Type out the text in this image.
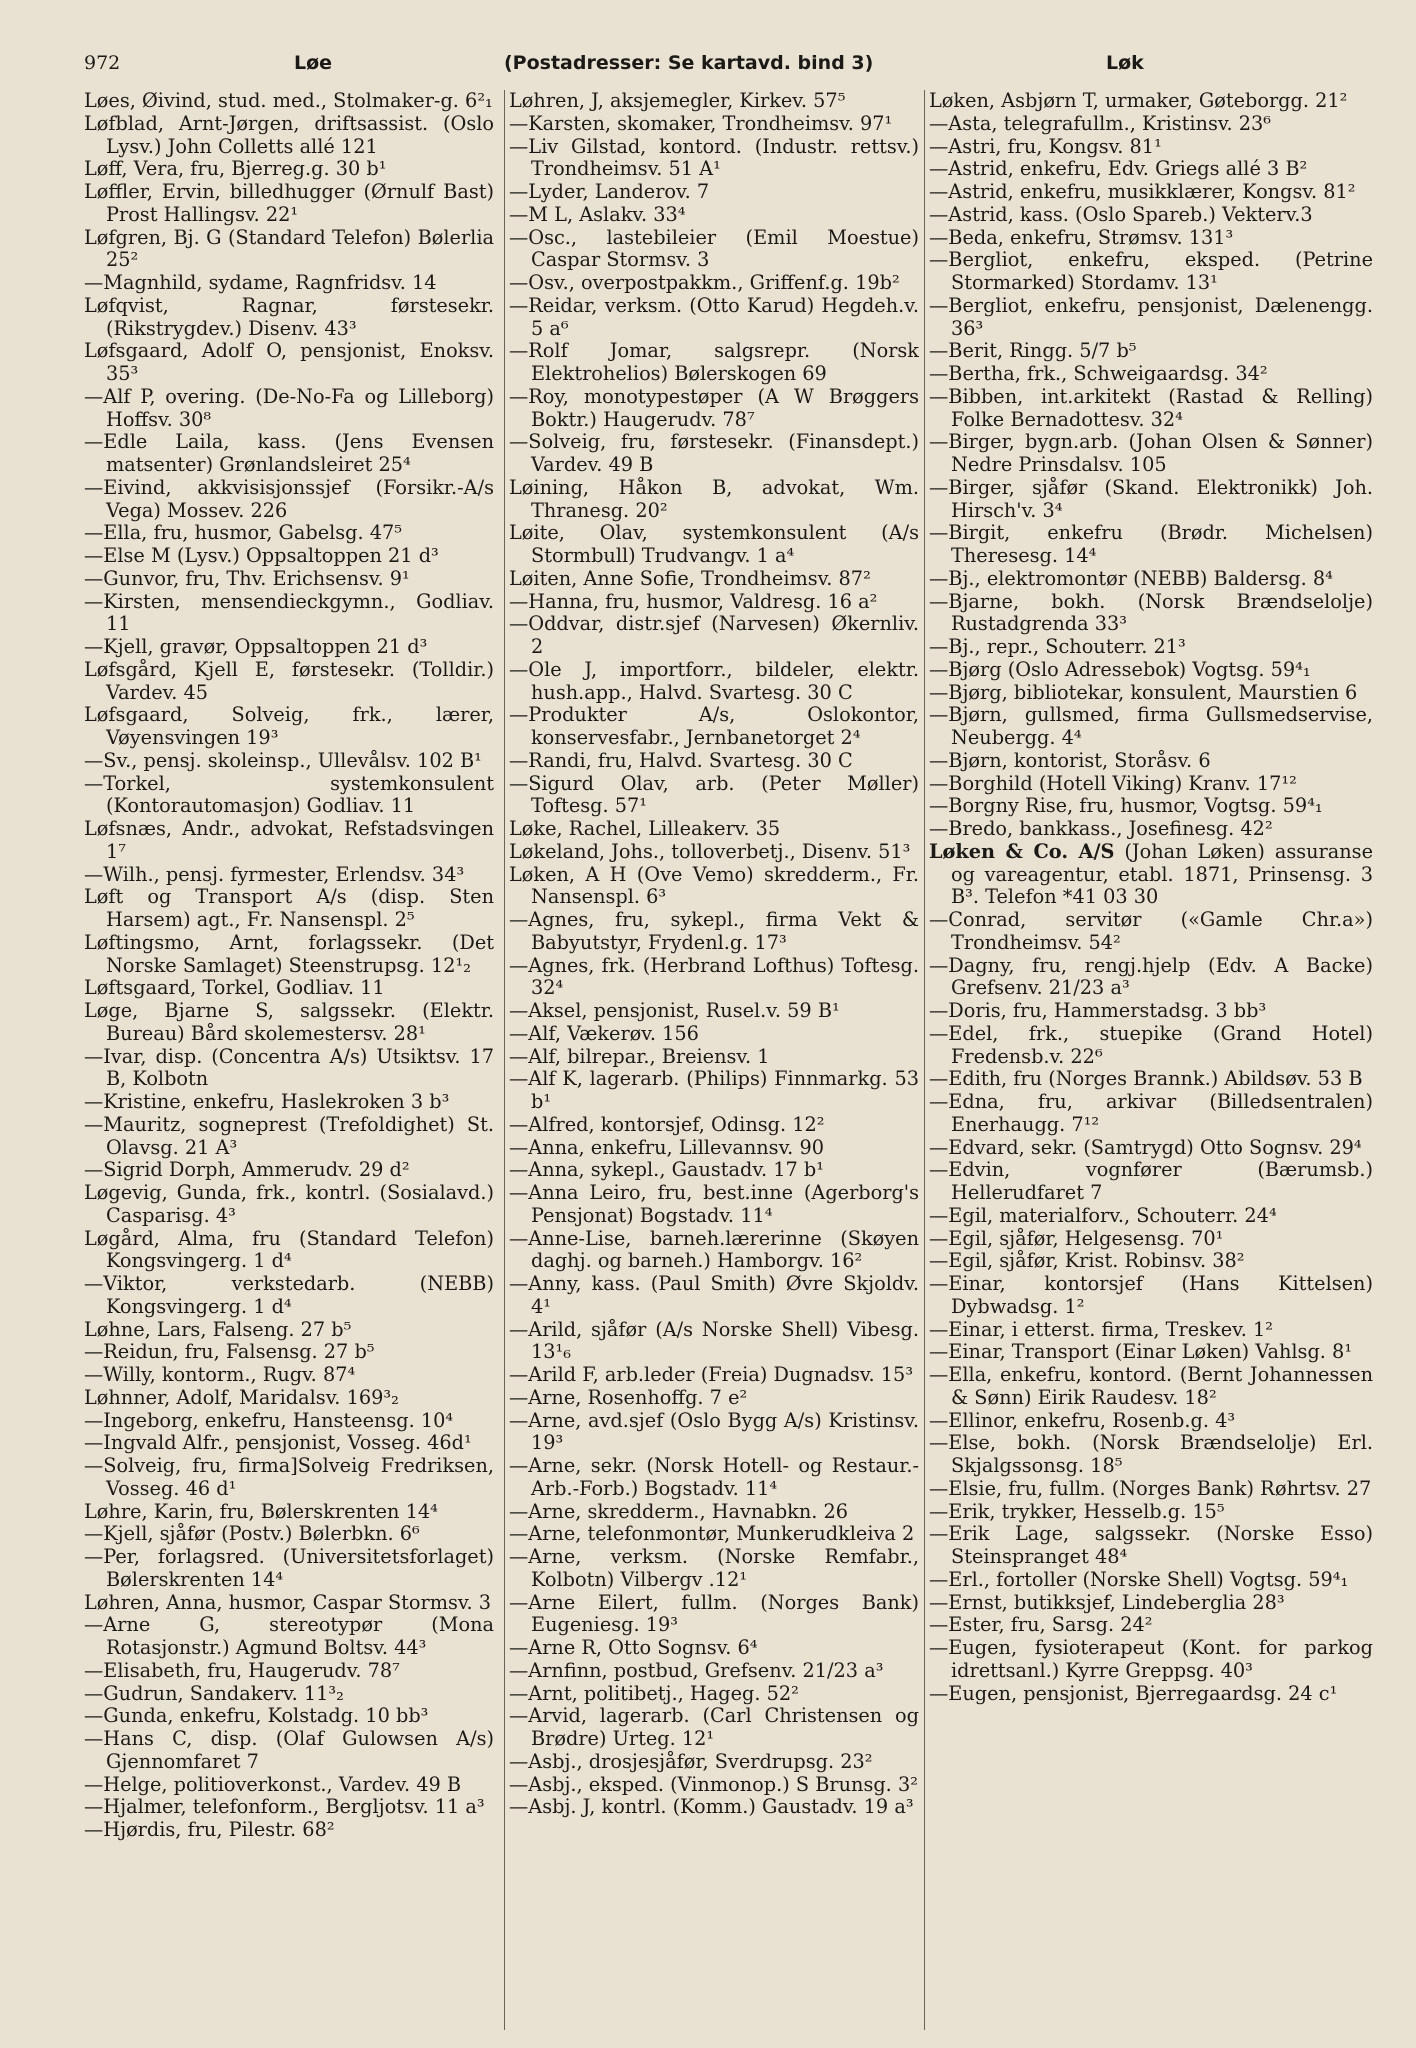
972	Løe	(Postadresser: Se kartavd. bind 3)	Løk

Løes, Øivind, stud. med., Stolmaker-g. 6²₁

Løfblad, Arnt-Jørgen, driftsassist. (Oslo Lysv.) John Colletts allé 121

Løff, Vera, fru, Bjerreg.g. 30 b¹

Løffler, Ervin, billedhugger (Ørnulf Bast) Prost Hallingsv. 22¹

Løfgren, Bj. G (Standard Telefon) Bølerlia 25²

—Magnhild, sydame, Ragnfridsv. 14

Løfqvist, Ragnar, førstesekr. (Rikstrygdev.) Disenv. 43³

Løfsgaard, Adolf O, pensjonist, Enoksv. 35³

—Alf P, overing. (De-No-Fa og Lilleborg) Hoffsv. 30⁸

—Edle Laila, kass. (Jens Evensen matsenter) Grønlandsleiret 25⁴

—Eivind, akkvisisjonssjef (Forsikr.-A/s Vega) Mossev. 226

—Ella, fru, husmor, Gabelsg. 47⁵

—Else M (Lysv.) Oppsaltoppen 21 d³

—Gunvor, fru, Thv. Erichsensv. 9¹

—Kirsten, mensendieckgymn., Godliav. 11

—Kjell, gravør, Oppsaltoppen 21 d³

Løfsgård, Kjell E, førstesekr. (Tolldir.) Vardev. 45

Løfsgaard, Solveig, frk., lærer, Vøyensvingen 19³

—Sv., pensj. skoleinsp., Ullevålsv. 102 B¹

—Torkel, systemkonsulent (Kontorautomasjon) Godliav. 11

Løfsnæs, Andr., advokat, Refstadsvingen 1⁷

—Wilh., pensj. fyrmester, Erlendsv. 34³

Løft og Transport A/s (disp. Sten Harsem) agt., Fr. Nansenspl. 2⁵

Løftingsmo, Arnt, forlagssekr. (Det Norske Samlaget) Steenstrupsg. 12¹₂

Løftsgaard, Torkel, Godliav. 11

Løge, Bjarne S, salgssekr. (Elektr. Bureau) Bård skolemestersv. 28¹

—Ivar, disp. (Concentra A/s) Utsiktsv. 17 B, Kolbotn

—Kristine, enkefru, Haslekroken 3 b³

—Mauritz, sogneprest (Trefoldighet) St. Olavsg. 21 A³

—Sigrid Dorph, Ammerudv. 29 d²

Løgevig, Gunda, frk., kontrl. (Sosialavd.) Casparisg. 4³

Løgård, Alma, fru (Standard Telefon) Kongsvingerg. 1 d⁴

—Viktor, verkstedarb. (NEBB) Kongsvingerg. 1 d⁴

Løhne, Lars, Falseng. 27 b⁵

—Reidun, fru, Falsensg. 27 b⁵

—Willy, kontorm., Rugv. 87⁴

Løhnner, Adolf, Maridalsv. 169³₂

—Ingeborg, enkefru, Hansteensg. 10⁴

—Ingvald Alfr., pensjonist, Vosseg. 46d¹

—Solveig, fru, firma]Solveig Fredriksen, Vosseg. 46 d¹

Løhre, Karin, fru, Bølerskrenten 14⁴

—Kjell, sjåfør (Postv.) Bølerbkn. 6⁶

—Per, forlagsred. (Universitetsforlaget) Bølerskrenten 14⁴

Løhren, Anna, husmor, Caspar Stormsv. 3

—Arne G, stereotypør (Mona Rotasjonstr.) Agmund Boltsv. 44³

—Elisabeth, fru, Haugerudv. 78⁷

—Gudrun, Sandakerv. 11³₂

—Gunda, enkefru, Kolstadg. 10 bb³

—Hans C, disp. (Olaf Gulowsen A/s) Gjennomfaret 7

—Helge, politioverkonst., Vardev. 49 B

—Hjalmer, telefonform., Bergljotsv. 11 a³

—Hjørdis, fru, Pilestr. 68²

Løhren, J, aksjemegler, Kirkev. 57⁵

—Karsten, skomaker, Trondheimsv. 97¹

—Liv Gilstad, kontord. (Industr. rettsv.) Trondheimsv. 51 A¹

—Lyder, Landerov. 7

—M L, Aslakv. 33⁴

—Osc., lastebileier (Emil Moestue) Caspar Stormsv. 3

—Osv., overpostpakkm., Griffenf.g. 19b²

—Reidar, verksm. (Otto Karud) Hegdeh.v. 5 a⁶

—Rolf Jomar, salgsrepr. (Norsk Elektrohelios) Bølerskogen 69

—Roy, monotypestøper (A W Brøggers Boktr.) Haugerudv. 78⁷

—Solveig, fru, førstesekr. (Finansdept.) Vardev. 49 B

Løining, Håkon B, advokat, Wm. Thranesg. 20²

Løite, Olav, systemkonsulent (A/s Stormbull) Trudvangv. 1 a⁴

Løiten, Anne Sofie, Trondheimsv. 87²

—Hanna, fru, husmor, Valdresg. 16 a²

—Oddvar, distr.sjef (Narvesen) Økernliv. 2

—Ole J, importforr., bildeler, elektr. hush.app., Halvd. Svartesg. 30 C

—Produkter A/s, Oslokontor, konservesfabr., Jernbanetorget 2⁴

—Randi, fru, Halvd. Svartesg. 30 C

—Sigurd Olav, arb. (Peter Møller) Toftesg. 57¹

Løke, Rachel, Lilleakerv. 35

Løkeland, Johs., tolloverbetj., Disenv. 51³

Løken, A H (Ove Vemo) skredderm., Fr. Nansenspl. 6³

—Agnes, fru, sykepl., firma Vekt & Babyutstyr, Frydenl.g. 17³

—Agnes, frk. (Herbrand Lofthus) Toftesg. 32⁴

—Aksel, pensjonist, Rusel.v. 59 B¹

—Alf, Vækerøv. 156

—Alf, bilrepar., Breiensv. 1

—Alf K, lagerarb. (Philips) Finnmarkg. 53 b¹

—Alfred, kontorsjef, Odinsg. 12²

—Anna, enkefru, Lillevannsv. 90

—Anna, sykepl., Gaustadv. 17 b¹

—Anna Leiro, fru, best.inne (Agerborg's Pensjonat) Bogstadv. 11⁴

—Anne-Lise, barneh.lærerinne (Skøyen daghj. og barneh.) Hamborgv. 16²

—Anny, kass. (Paul Smith) Øvre Skjoldv. 4¹

—Arild, sjåfør (A/s Norske Shell) Vibesg. 13¹₆

—Arild F, arb.leder (Freia) Dugnadsv. 15³

—Arne, Rosenhoffg. 7 e²

—Arne, avd.sjef (Oslo Bygg A/s) Kristinsv. 19³

—Arne, sekr. (Norsk Hotell- og Restaur.-Arb.-Forb.) Bogstadv. 11⁴

—Arne, skredderm., Havnabkn. 26

—Arne, telefonmontør, Munkerudkleiva 2

—Arne, verksm. (Norske Remfabr., Kolbotn) Vilbergv .12¹

—Arne Eilert, fullm. (Norges Bank) Eugeniesg. 19³

—Arne R, Otto Sognsv. 6⁴

—Arnfinn, postbud, Grefsenv. 21/23 a³

—Arnt, politibetj., Hageg. 52²

—Arvid, lagerarb. (Carl Christensen og Brødre) Urteg. 12¹

—Asbj., drosjesjåfør, Sverdrupsg. 23²

—Asbj., eksped. (Vinmonop.) S Brunsg. 3²

—Asbj. J, kontrl. (Komm.) Gaustadv. 19 a³

Løken, Asbjørn T, urmaker, Gøteborgg. 21²

—Asta, telegrafullm., Kristinsv. 23⁶

—Astri, fru, Kongsv. 81¹

—Astrid, enkefru, Edv. Griegs allé 3 B²

—Astrid, enkefru, musikklærer, Kongsv. 81²

—Astrid, kass. (Oslo Spareb.) Vekterv.3

—Beda, enkefru, Strømsv. 131³

—Bergliot, enkefru, eksped. (Petrine Stormarked) Stordamv. 13¹

—Bergliot, enkefru, pensjonist, Dælenengg. 36³

—Berit, Ringg. 5/7 b⁵

—Bertha, frk., Schweigaardsg. 34²

—Bibben, int.arkitekt (Rastad & Relling) Folke Bernadottesv. 32⁴

—Birger, bygn.arb. (Johan Olsen & Sønner) Nedre Prinsdalsv. 105

—Birger, sjåfør (Skand. Elektronikk) Joh. Hirsch'v. 3⁴

—Birgit, enkefru (Brødr. Michelsen) Theresesg. 14⁴

—Bj., elektromontør (NEBB) Baldersg. 8⁴

—Bjarne, bokh. (Norsk Brændselolje) Rustadgrenda 33³

—Bj., repr., Schouterr. 21³

—Bjørg (Oslo Adressebok) Vogtsg. 59⁴₁

—Bjørg, bibliotekar, konsulent, Maurstien 6

—Bjørn, gullsmed, firma Gullsmedservise, Neubergg. 4⁴

—Bjørn, kontorist, Storåsv. 6

—Borghild (Hotell Viking) Kranv. 17¹²

—Borgny Rise, fru, husmor, Vogtsg. 59⁴₁

—Bredo, bankkass., Josefinesg. 42²

Løken & Co. A/S (Johan Løken) assuranse og vareagentur, etabl. 1871, Prinsensg. 3 B³. Telefon *41 03 30

—Conrad, servitør («Gamle Chr.a») Trondheimsv. 54²

—Dagny, fru, rengj.hjelp (Edv. A Backe) Grefsenv. 21/23 a³

—Doris, fru, Hammerstadsg. 3 bb³

—Edel, frk., stuepike (Grand Hotel) Fredensb.v. 22⁶

—Edith, fru (Norges Brannk.) Abildsøv. 53 B

—Edna, fru, arkivar (Billedsentralen) Enerhaugg. 7¹²

—Edvard, sekr. (Samtrygd) Otto Sognsv. 29⁴

—Edvin, vognfører (Bærumsb.) Hellerudfaret 7

—Egil, materialforv., Schouterr. 24⁴

—Egil, sjåfør, Helgesensg. 70¹

—Egil, sjåfør, Krist. Robinsv. 38²

—Einar, kontorsjef (Hans Kittelsen) Dybwadsg. 1²

—Einar, i etterst. firma, Treskev. 1²

—Einar, Transport (Einar Løken) Vahlsg. 8¹

—Ella, enkefru, kontord. (Bernt Johannessen & Sønn) Eirik Raudesv. 18²

—Ellinor, enkefru, Rosenb.g. 4³

—Else, bokh. (Norsk Brændselolje) Erl. Skjalgssonsg. 18⁵

—Elsie, fru, fullm. (Norges Bank) Røhrtsv. 27

—Erik, trykker, Hesselb.g. 15⁵

—Erik Lage, salgssekr. (Norske Esso) Steinspranget 48⁴

—Erl., fortoller (Norske Shell) Vogtsg. 59⁴₁

—Ernst, butikksjef, Lindeberglia 28³

—Ester, fru, Sarsg. 24²

—Eugen, fysioterapeut (Kont. for parkog idrettsanl.) Kyrre Greppsg. 40³

—Eugen, pensjonist, Bjerregaardsg. 24 c¹
